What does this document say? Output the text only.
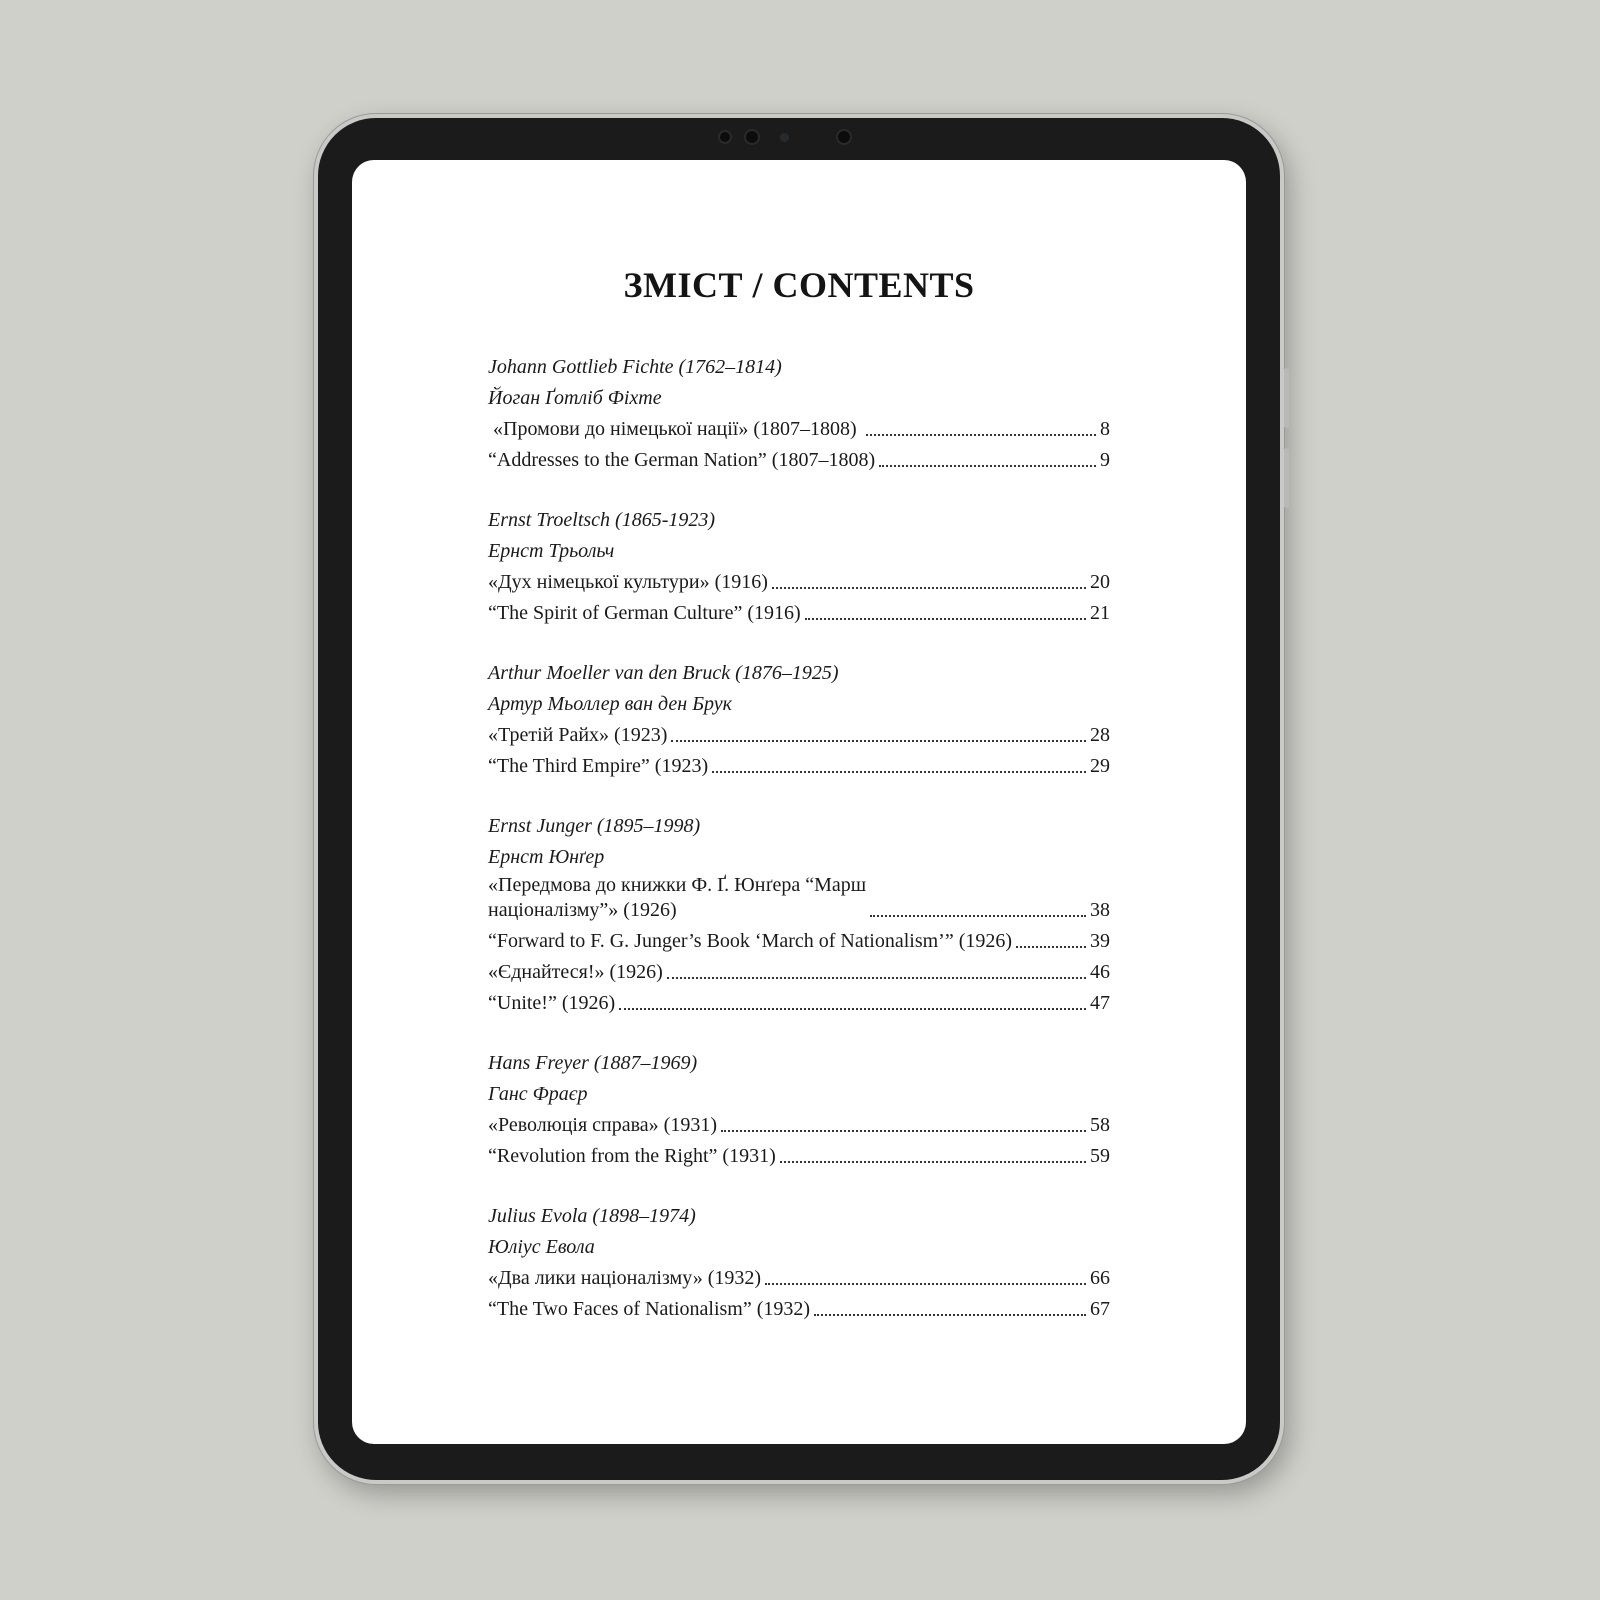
ЗМІСТ / CONTENTS
Johann Gottlieb Fichte (1762–1814)
Йоган Ґотліб Фіхте
«Промови до німецької нації» (1807–1808)	8
“Addresses to the German Nation” (1807–1808)	9
Ernst Troeltsch (1865-1923)
Ернст Трьольч
«Дух німецької культури» (1916)	20
“The Spirit of German Culture” (1916)	21
Arthur Moeller van den Bruck (1876–1925)
Артур Мьоллер ван ден Брук
«Третій Райх» (1923)	28
“The Third Empire” (1923)	29
Ernst Junger (1895–1998)
Ернст Юнґер
«Передмова до книжки Ф. Ґ. Юнґера “Марш
націоналізму”» (1926)	38
“Forward to F. G. Junger’s Book ‘March of Nationalism’” (1926)	39
«Єднайтеся!» (1926)	46
“Unite!” (1926)	47
Hans Freyer (1887–1969)
Ганс Фраєр
«Революція справа» (1931)	58
“Revolution from the Right” (1931)	59
Julius Evola (1898–1974)
Юліус Евола
«Два лики націоналізму» (1932)	66
“The Two Faces of Nationalism” (1932)	67
